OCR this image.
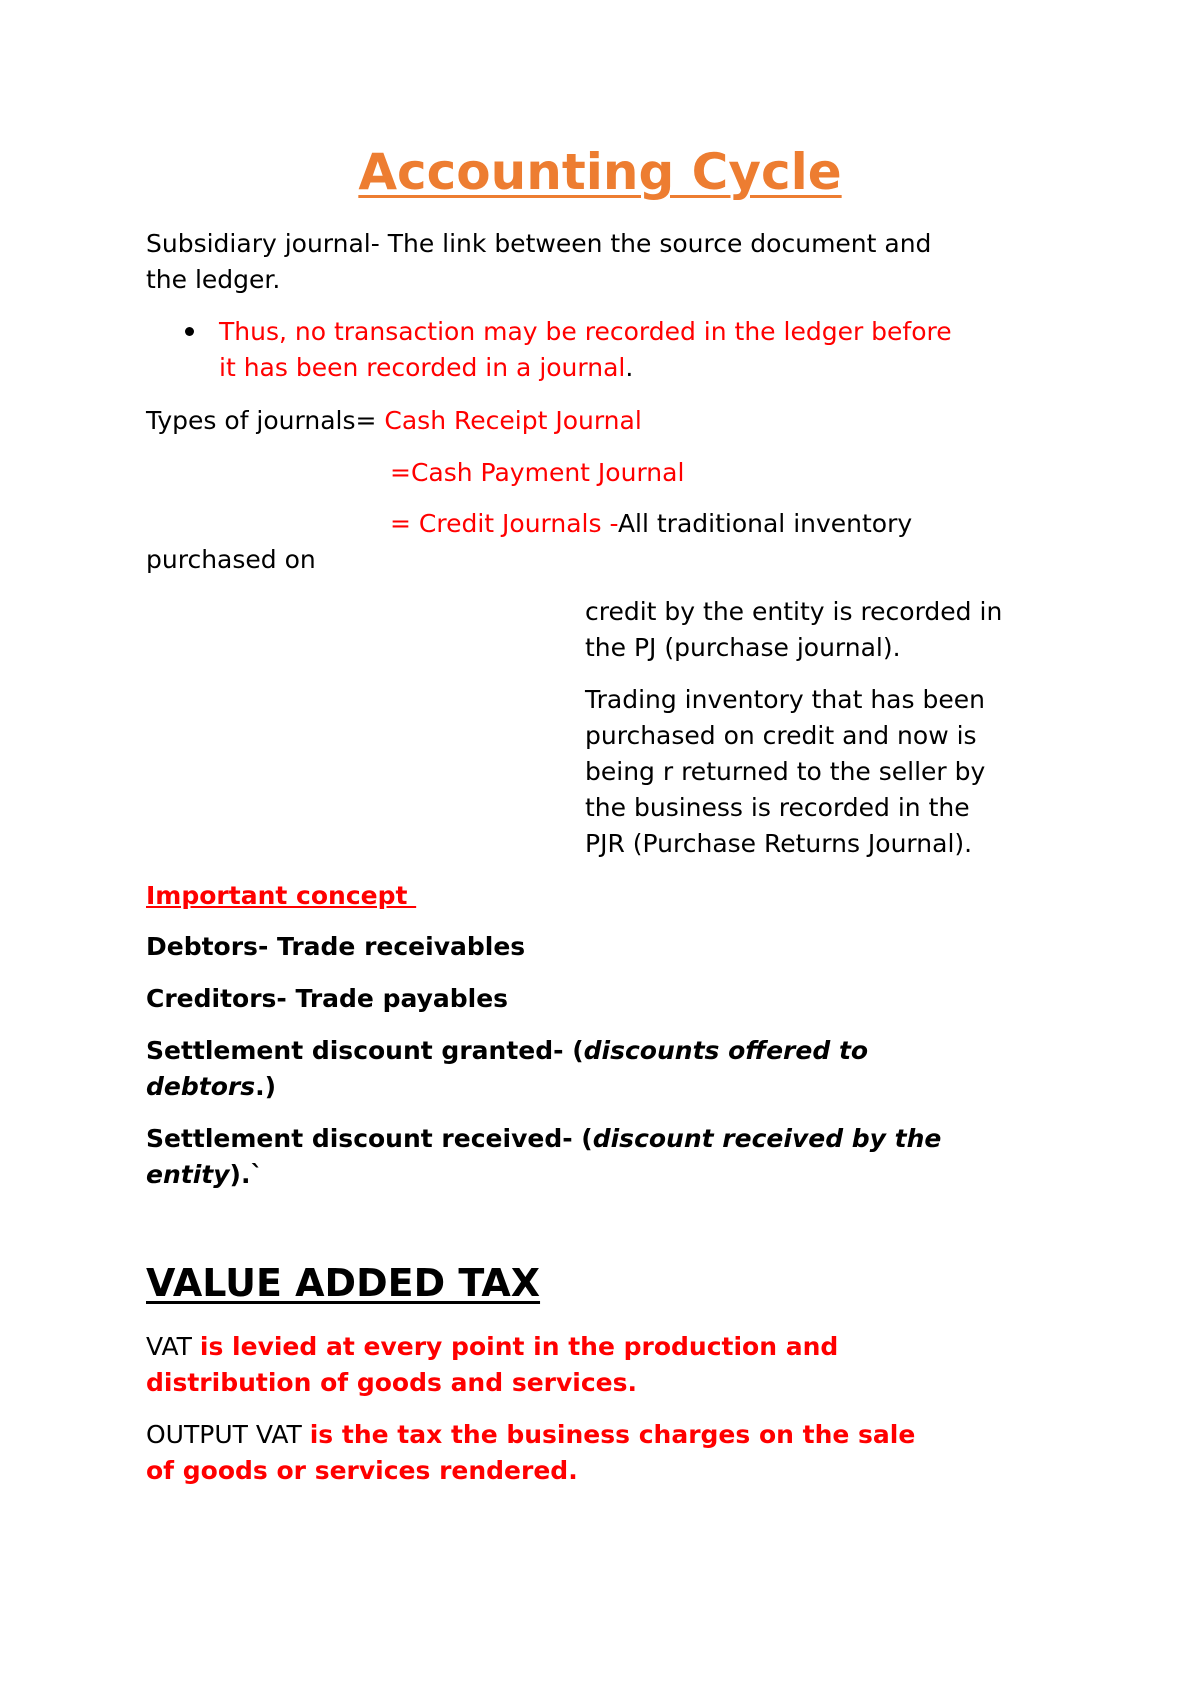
Accounting Cycle
Subsidiary journal- The link between the source document and
the ledger.
Thus, no transaction may be recorded in the ledger before
it has been recorded in a journal.
Types of journals= Cash Receipt Journal
=Cash Payment Journal
= Credit Journals -All traditional inventory
purchased on
credit by the entity is recorded in
the PJ (purchase journal).
Trading inventory that has been
purchased on credit and now is
being r returned to the seller by
the business is recorded in the
PJR (Purchase Returns Journal).
Important concept
Debtors- Trade receivables
Creditors- Trade payables
Settlement discount granted- (discounts offered to
debtors.)
Settlement discount received- (discount received by the
entity).`
VALUE ADDED TAX
VAT is levied at every point in the production and
distribution of goods and services.
OUTPUT VAT is the tax the business charges on the sale
of goods or services rendered.
